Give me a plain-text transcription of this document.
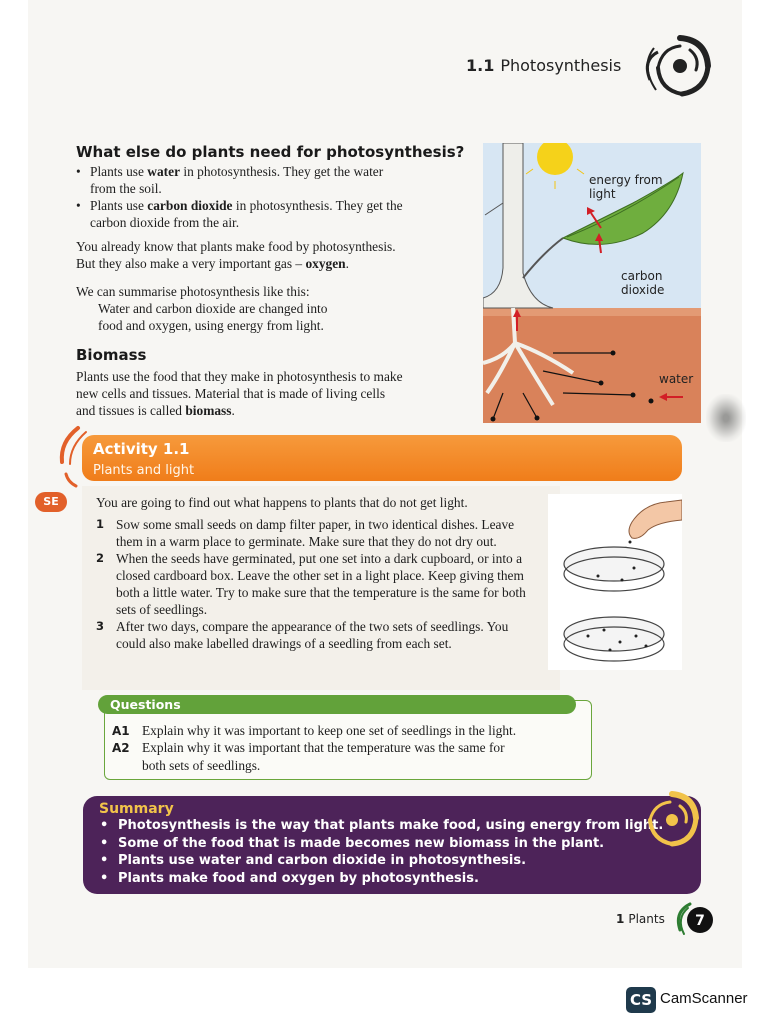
1.1 Photosynthesis
What else do plants need for photosynthesis?
• Plants use water in photosynthesis. They get the water
from the soil.
• Plants use carbon dioxide in photosynthesis. They get the
carbon dioxide from the air.
You already know that plants make food by photosynthesis.
But they also make a very important gas – oxygen.
We can summarise photosynthesis like this:
Water and carbon dioxide are changed into
food and oxygen, using energy from light.
Biomass
Plants use the food that they make in photosynthesis to make
new cells and tissues. Material that is made of living cells
and tissues is called biomass.
energy from
light
carbon
dioxide
water
Activity 1.1
Plants and light
SE	You are going to find out what happens to plants that do not get light.
1 Sow some small seeds on damp filter paper, in two identical dishes. Leave them in a warm place to germinate. Make sure that they do not dry out.
2 When the seeds have germinated, put one set into a dark cupboard, or into a closed cardboard box. Leave the other set in a light place. Keep giving them both a little water. Try to make sure that the temperature is the same for both sets of seedlings.
3 After two days, compare the appearance of the two sets of seedlings. You could also make labelled drawings of a seedling from each set.
Questions
A1 Explain why it was important to keep one set of seedlings in the light.
A2 Explain why it was important that the temperature was the same for
both sets of seedlings.
Summary
• Photosynthesis is the way that plants make food, using energy from light.
• Some of the food that is made becomes new biomass in the plant.
• Plants use water and carbon dioxide in photosynthesis.
• Plants make food and oxygen by photosynthesis.
1 Plants 7
CS CamScanner
